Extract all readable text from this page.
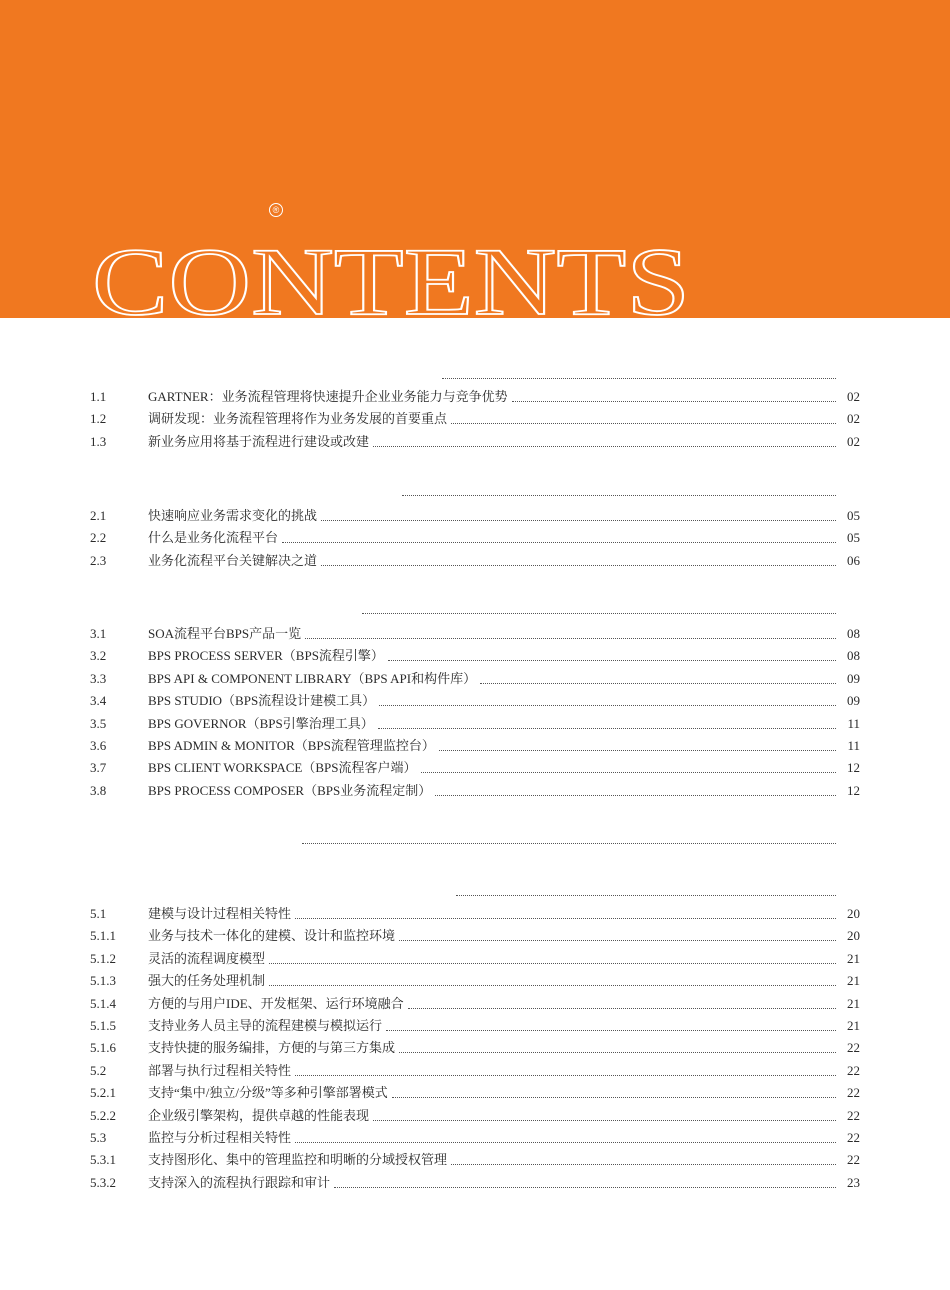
CONTENTS
®
1.1	GARTNER：业务流程管理将快速提升企业业务能力与竞争优势	02
1.2	调研发现：业务流程管理将作为业务发展的首要重点	02
1.3	新业务应用将基于流程进行建设或改建	02
2.1	快速响应业务需求变化的挑战	05
2.2	什么是业务化流程平台	05
2.3	业务化流程平台关键解决之道	06
3.1	SOA流程平台BPS产品一览	08
3.2	BPS PROCESS SERVER（BPS流程引擎）	08
3.3	BPS API & COMPONENT LIBRARY（BPS API和构件库）	09
3.4	BPS STUDIO（BPS流程设计建模工具）	09
3.5	BPS GOVERNOR（BPS引擎治理工具）	11
3.6	BPS ADMIN & MONITOR（BPS流程管理监控台）	11
3.7	BPS CLIENT WORKSPACE（BPS流程客户端）	12
3.8	BPS PROCESS COMPOSER（BPS业务流程定制）	12
5.1	建模与设计过程相关特性	20
5.1.1 业务与技术一体化的建模、设计和监控环境	20
5.1.2 灵活的流程调度模型	21
5.1.3 强大的任务处理机制	21
5.1.4 方便的与用户IDE、开发框架、运行环境融合	21
5.1.5 支持业务人员主导的流程建模与模拟运行	21
5.1.6 支持快捷的服务编排，方便的与第三方集成	22
5.2	部署与执行过程相关特性	22
5.2.1 支持“集中/独立/分级”等多种引擎部署模式	22
5.2.2 企业级引擎架构，提供卓越的性能表现	22
5.3	监控与分析过程相关特性	22
5.3.1 支持图形化、集中的管理监控和明晰的分域授权管理	22
5.3.2 支持深入的流程执行跟踪和审计	23
